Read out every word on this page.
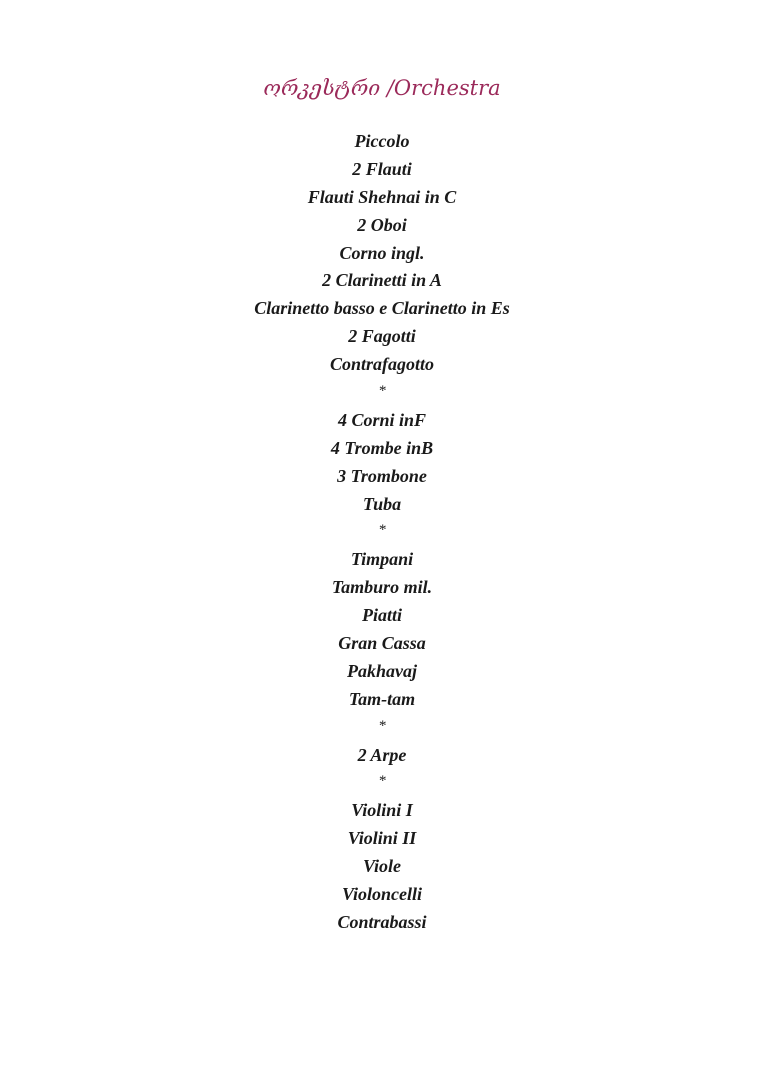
ორკესტრი /Orchestra
Piccolo
2 Flauti
Flauti Shehnai in C
2 Oboi
Corno ingl.
2 Clarinetti in A
Clarinetto basso e Clarinetto in Es
2 Fagotti
Contrafagotto
*
4 Corni inF
4 Trombe inB
3 Trombone
Tuba
*
Timpani
Tamburo mil.
Piatti
Gran Cassa
Pakhavaj
Tam-tam
*
2 Arpe
*
Violini I
Violini II
Viole
Violoncelli
Contrabassi
